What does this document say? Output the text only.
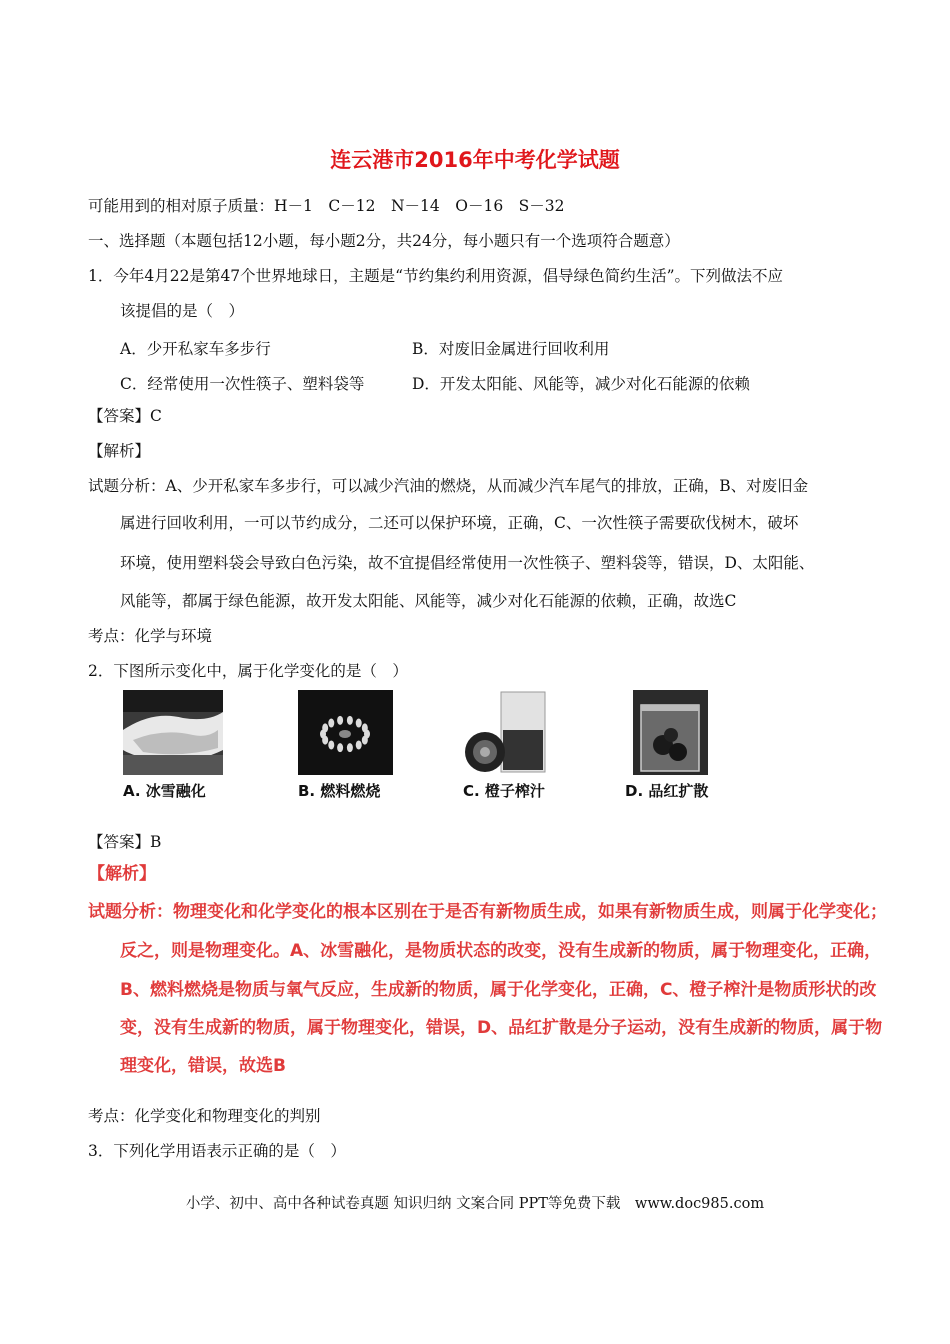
连云港市2016年中考化学试题
可能用到的相对原子质量：H－1　C－12　N－14　O－16　S－32
一、选择题（本题包括12小题，每小题2分，共24分，每小题只有一个选项符合题意）
1．今年4月22是第47个世界地球日，主题是“节约集约利用资源，倡导绿色简约生活”。下列做法不应
该提倡的是（　）
A．少开私家车多步行	B．对废旧金属进行回收利用
C．经常使用一次性筷子、塑料袋等	D．开发太阳能、风能等，减少对化石能源的依赖
【答案】C
【解析】
试题分析：A、少开私家车多步行，可以减少汽油的燃烧，从而减少汽车尾气的排放，正确，B、对废旧金
属进行回收利用，一可以节约成分，二还可以保护环境，正确，C、一次性筷子需要砍伐树木，破坏
环境，使用塑料袋会导致白色污染，故不宜提倡经常使用一次性筷子、塑料袋等，错误，D、太阳能、
风能等，都属于绿色能源，故开发太阳能、风能等，减少对化石能源的依赖，正确，故选C
考点：化学与环境
2．下图所示变化中，属于化学变化的是（　）
A. 冰雪融化	B. 燃料燃烧	C. 橙子榨汁	D. 品红扩散
【答案】B
【解析】
试题分析：物理变化和化学变化的根本区别在于是否有新物质生成，如果有新物质生成，则属于化学变化；
反之，则是物理变化。A、冰雪融化，是物质状态的改变，没有生成新的物质，属于物理变化，正确，
B、燃料燃烧是物质与氧气反应，生成新的物质，属于化学变化，正确，C、橙子榨汁是物质形状的改
变，没有生成新的物质，属于物理变化，错误，D、品红扩散是分子运动，没有生成新的物质，属于物
理变化，错误，故选B
考点：化学变化和物理变化的判别
3．下列化学用语表示正确的是（　）
小学、初中、高中各种试卷真题 知识归纳 文案合同 PPT等免费下载　www.doc985.com
